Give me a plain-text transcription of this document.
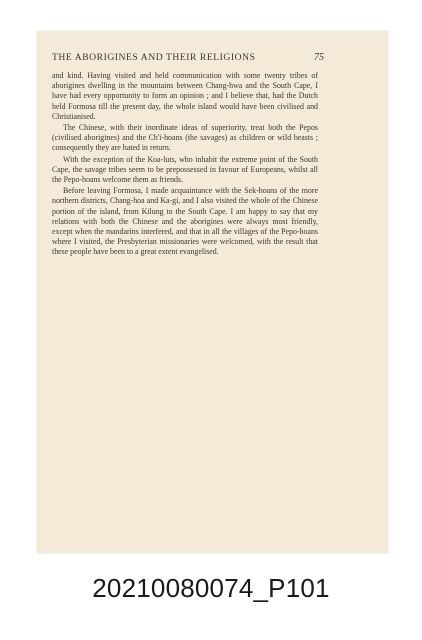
THE ABORIGINES AND THEIR RELIGIONS	75

and kind. Having visited and held communication with some twenty tribes of aborigines dwelling in the mountains between Chang-hwa and the South Cape, I have had every opportunity to form an opinion ; and I believe that, had the Dutch held Formosa till the present day, the whole island would have been civilised and Christianised.

The Chinese, with their inordinate ideas of superiority, treat both the Pepos (civilised aborigines) and the Ch'i-hoans (the savages) as children or wild beasts ; consequently they are hated in return.

With the exception of the Koa-luts, who inhabit the extreme point of the South Cape, the savage tribes seem to be prepossessed in favour of Europeans, whilst all the Pepo-hoans welcome them as friends.

Before leaving Formosa, I made acquaintance with the Sek-hoans of the more northern districts, Chang-hoa and Ka-gi, and I also visited the whole of the Chinese portion of the island, from Kilung to the South Cape. I am happy to say that my relations with both the Chinese and the aborigines were always most friendly, except when the mandarins interfered, and that in all the villages of the Pepo-hoans where I visited, the Presbyterian missionaries were welcomed, with the result that these people have been to a great extent evangelised.

20210080074_P101
